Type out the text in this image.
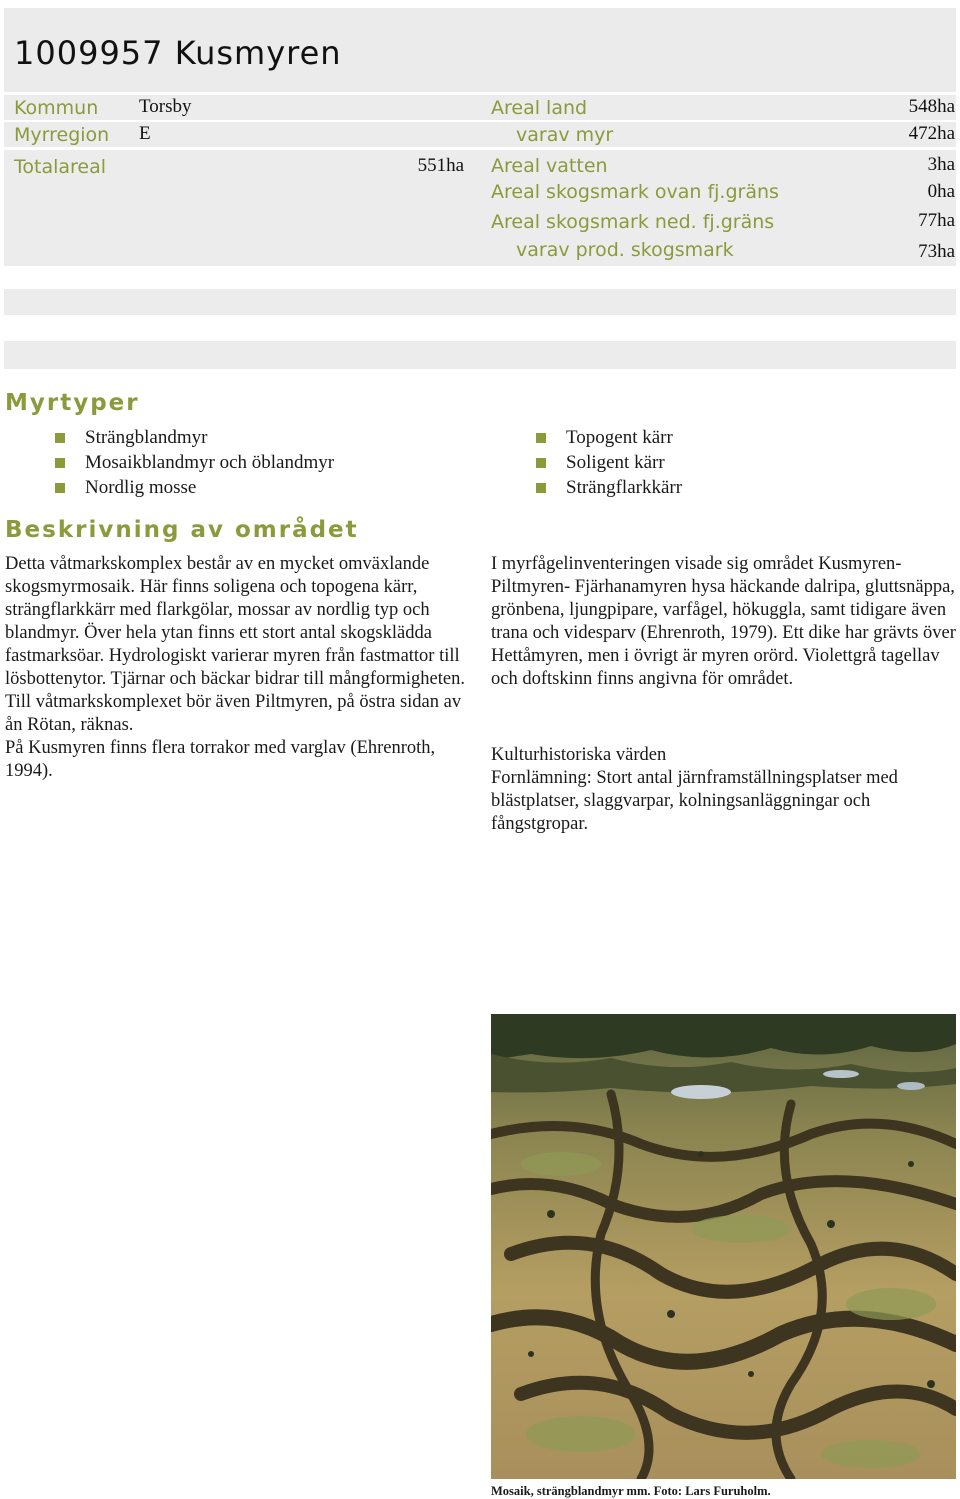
1009957 Kusmyren
Kommun Torsby	Areal land	548ha
Myrregion E	varav myr	472ha
Totalareal	551ha Areal vatten	3ha
Areal skogsmark ovan fj.gräns	0ha
Areal skogsmark ned. fj.gräns	77ha
varav prod. skogsmark	73ha
Myrtyper
Strängblandmyr
Mosaikblandmyr och öblandmyr
Nordlig mosse
Topogent kärr
Soligent kärr
Strängflarkkärr
Beskrivning av området

Detta våtmarkskomplex består av en mycket omväxlande skogsmyrmosaik. Här finns soligena och topogena kärr, strängflarkkärr med flarkgölar, mossar av nordlig typ och blandmyr. Över hela ytan finns ett stort antal skogsklädda fastmarksöar. Hydrologiskt varierar myren från fastmattor till lösbottenytor. Tjärnar och bäckar bidrar till mångformigheten. Till våtmarkskomplexet bör även Piltmyren, på östra sidan av ån Rötan, räknas.
På Kusmyren finns flera torrakor med varglav (Ehrenroth, 1994).

I myrfågelinventeringen visade sig området Kusmyren-Piltmyren- Fjärhanamyren hysa häckande dalripa, gluttsnäppa, grönbena, ljungpipare, varfågel, hökuggla, samt tidigare även trana och videsparv (Ehrenroth, 1979). Ett dike har grävts över Hettåmyren, men i övrigt är myren orörd. Violettgrå tagellav och doftskinn finns angivna för området.

Kulturhistoriska värden
Fornlämning: Stort antal järnframställningsplatser med blästplatser, slaggvarpar, kolningsanläggningar och fångstgropar.
Mosaik, strängblandmyr mm. Foto: Lars Furuholm.
